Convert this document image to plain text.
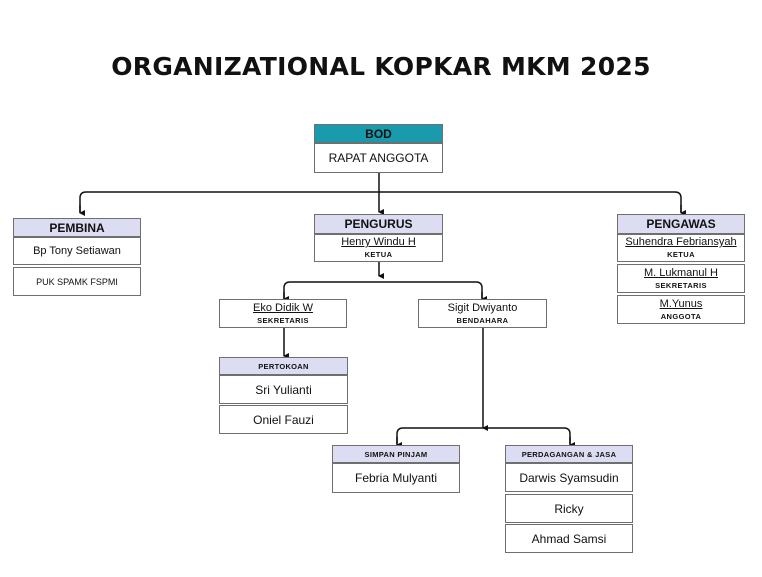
ORGANIZATIONAL KOPKAR MKM 2025
BOD
RAPAT ANGGOTA
PEMBINA
Bp Tony Setiawan
PUK SPAMK FSPMI
PENGURUS
Henry Windu H
KETUA
PENGAWAS
Suhendra Febriansyah
KETUA
M. Lukmanul H
SEKRETARIS
M.Yunus
ANGGOTA
Eko Didik W
SEKRETARIS
Sigit Dwiyanto
BENDAHARA
PERTOKOAN
Sri Yulianti
Oniel Fauzi
SIMPAN PINJAM
Febria Mulyanti
PERDAGANGAN & JASA
Darwis Syamsudin
Ricky
Ahmad Samsi
